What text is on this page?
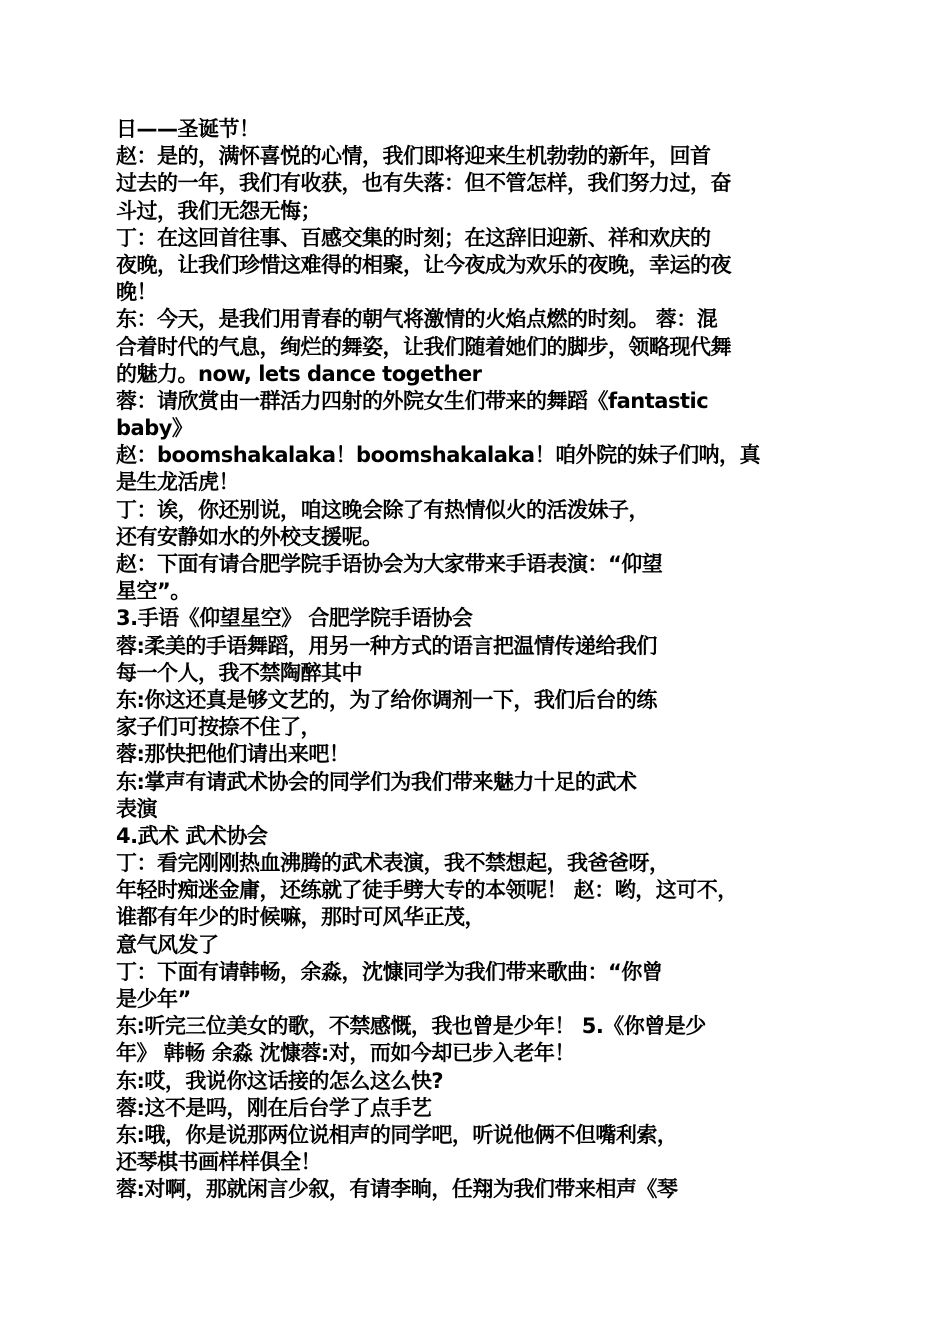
日——圣诞节！
赵：是的，满怀喜悦的心情，我们即将迎来生机勃勃的新年，回首
过去的一年，我们有收获，也有失落：但不管怎样，我们努力过，奋
斗过，我们无怨无悔；
丁：在这回首往事、百感交集的时刻；在这辞旧迎新、祥和欢庆的
夜晚，让我们珍惜这难得的相聚，让今夜成为欢乐的夜晚，幸运的夜
晚！
东：今天，是我们用青春的朝气将激情的火焰点燃的时刻。 蓉：混
合着时代的气息，绚烂的舞姿，让我们随着她们的脚步，领略现代舞
的魅力。now, lets dance together
蓉：请欣赏由一群活力四射的外院女生们带来的舞蹈《fantastic
baby》
赵：boomshakalaka！boomshakalaka！咱外院的妹子们呐，真
是生龙活虎！
丁：诶，你还别说，咱这晚会除了有热情似火的活泼妹子，
还有安静如水的外校支援呢。
赵：下面有请合肥学院手语协会为大家带来手语表演：“仰望
星空”。
3.手语《仰望星空》 合肥学院手语协会
蓉:柔美的手语舞蹈，用另一种方式的语言把温情传递给我们
每一个人，我不禁陶醉其中
东:你这还真是够文艺的，为了给你调剂一下，我们后台的练
家子们可按捺不住了，
蓉:那快把他们请出来吧！
东:掌声有请武术协会的同学们为我们带来魅力十足的武术
表演
4.武术 武术协会
丁：看完刚刚热血沸腾的武术表演，我不禁想起，我爸爸呀，
年轻时痴迷金庸，还练就了徒手劈大专的本领呢！ 赵：哟，这可不，
谁都有年少的时候嘛，那时可风华正茂，
意气风发了
丁：下面有请韩畅，余淼，沈慷同学为我们带来歌曲：“你曾
是少年”
东:听完三位美女的歌，不禁感慨，我也曾是少年！ 5.《你曾是少
年》 韩畅 余淼 沈慷蓉:对，而如今却已步入老年！
东:哎，我说你这话接的怎么这么快?
蓉:这不是吗，刚在后台学了点手艺
东:哦，你是说那两位说相声的同学吧，听说他俩不但嘴利索，
还琴棋书画样样俱全！
蓉:对啊，那就闲言少叙，有请李晌，任翔为我们带来相声《琴
